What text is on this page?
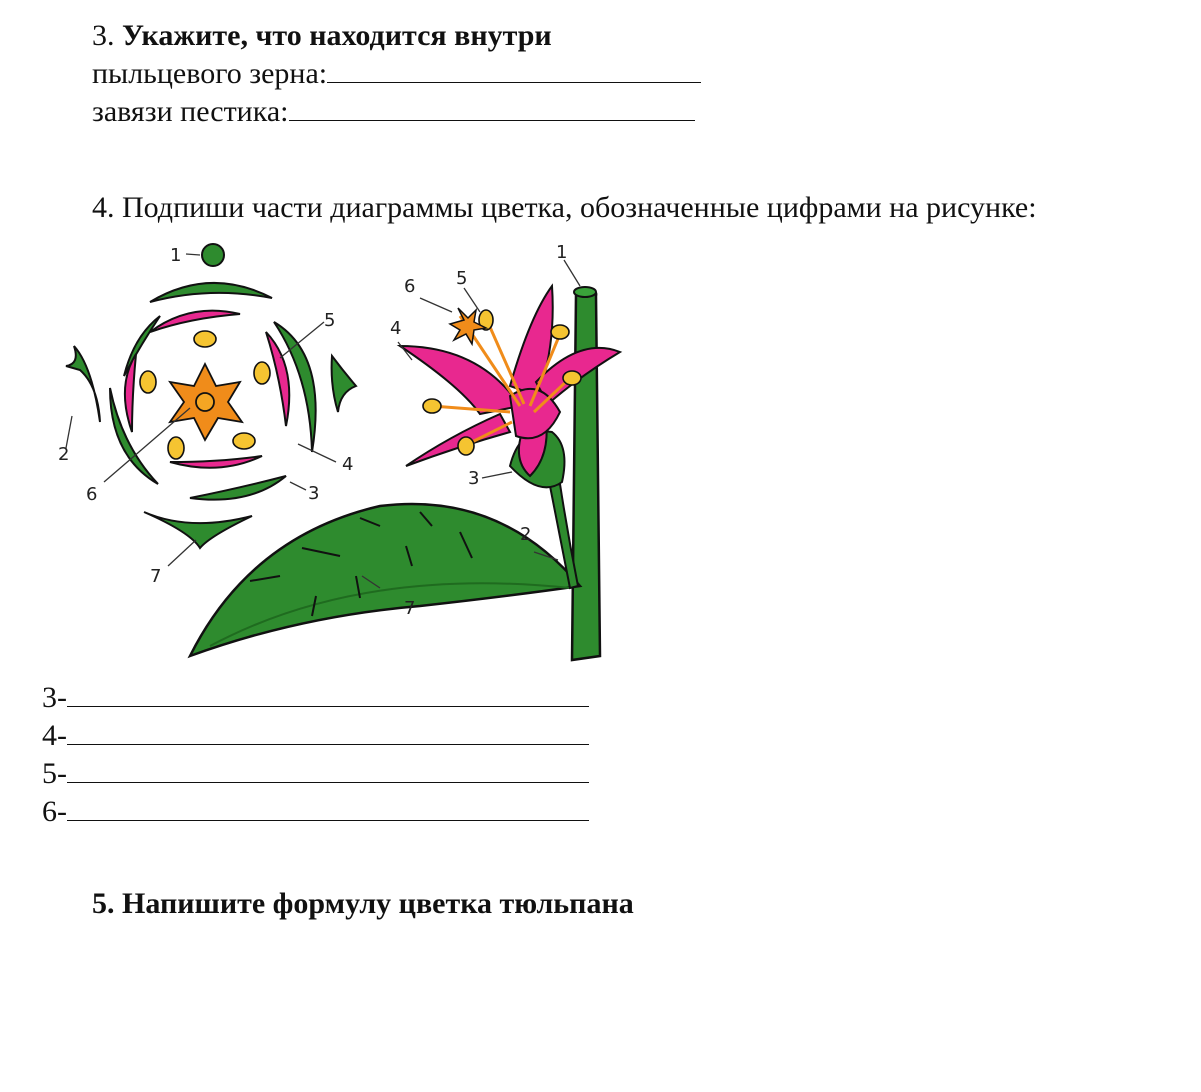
3. Укажите, что находится внутри
пыльцевого зерна:
завязи пестика:
4. Подпиши части диаграммы цветка, обозначенные цифрами на рисунке:
1
2
3
4
5
6
7
1
2
3
4
5
6
7
3-
4-
5-
6-
5. Напишите формулу цветка тюльпана
